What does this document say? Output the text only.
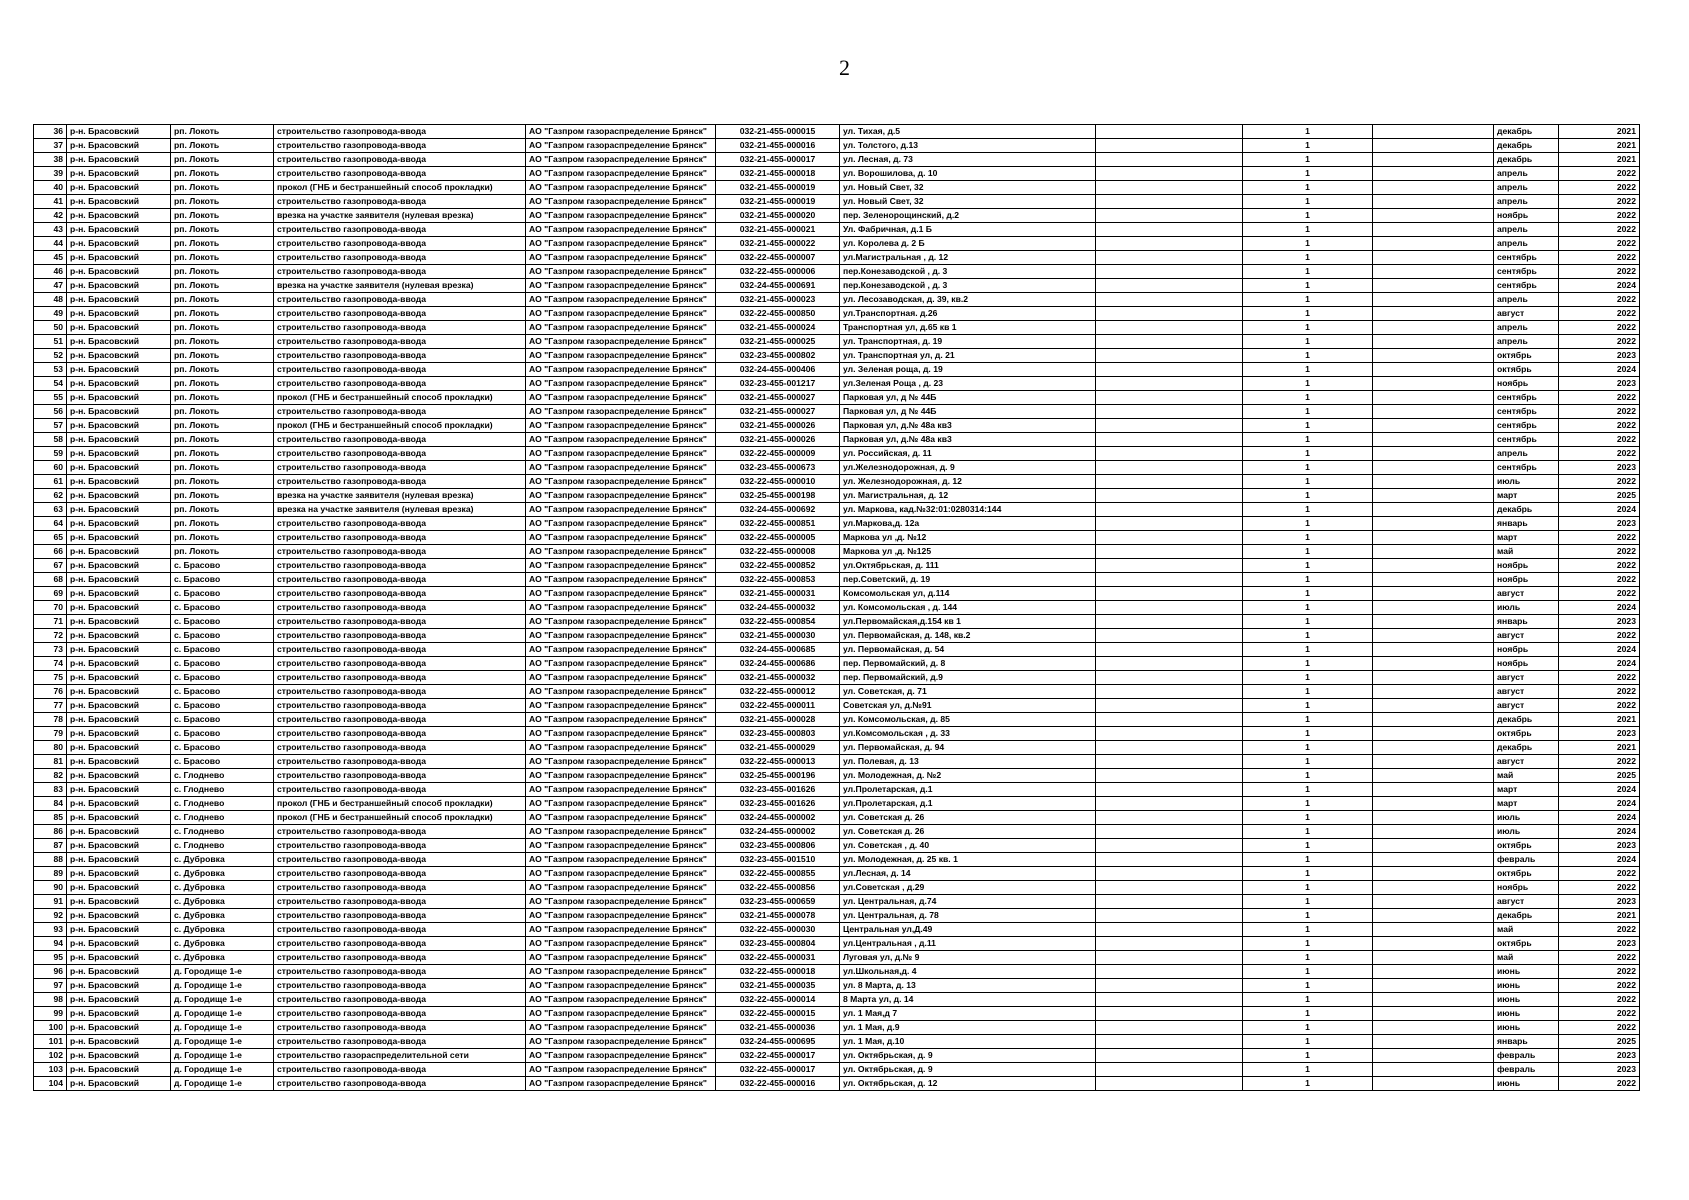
2
36	р-н. Брасовский	рп. Локоть	строительство газопровода-ввода	АО "Газпром газораспределение Брянск"	032-21-455-000015	ул. Тихая, д.5		1		декабрь	2021
37	р-н. Брасовский	рп. Локоть	строительство газопровода-ввода	АО "Газпром газораспределение Брянск"	032-21-455-000016	ул. Толстого, д.13		1		декабрь	2021
38	р-н. Брасовский	рп. Локоть	строительство газопровода-ввода	АО "Газпром газораспределение Брянск"	032-21-455-000017	ул. Лесная, д. 73		1		декабрь	2021
39	р-н. Брасовский	рп. Локоть	строительство газопровода-ввода	АО "Газпром газораспределение Брянск"	032-21-455-000018	ул. Ворошилова, д. 10		1		апрель	2022
40	р-н. Брасовский	рп. Локоть	прокол (ГНБ и бестраншейный способ прокладки)	АО "Газпром газораспределение Брянск"	032-21-455-000019	ул. Новый Свет, 32		1		апрель	2022
41	р-н. Брасовский	рп. Локоть	строительство газопровода-ввода	АО "Газпром газораспределение Брянск"	032-21-455-000019	ул. Новый Свет, 32		1		апрель	2022
42	р-н. Брасовский	рп. Локоть	врезка на участке заявителя (нулевая врезка)	АО "Газпром газораспределение Брянск"	032-21-455-000020	пер. Зеленорощинский, д.2		1		ноябрь	2022
43	р-н. Брасовский	рп. Локоть	строительство газопровода-ввода	АО "Газпром газораспределение Брянск"	032-21-455-000021	Ул. Фабричная, д.1 Б		1		апрель	2022
44	р-н. Брасовский	рп. Локоть	строительство газопровода-ввода	АО "Газпром газораспределение Брянск"	032-21-455-000022	ул. Королева д. 2 Б		1		апрель	2022
45	р-н. Брасовский	рп. Локоть	строительство газопровода-ввода	АО "Газпром газораспределение Брянск"	032-22-455-000007	ул.Магистральная , д. 12		1		сентябрь	2022
46	р-н. Брасовский	рп. Локоть	строительство газопровода-ввода	АО "Газпром газораспределение Брянск"	032-22-455-000006	пер.Конезаводской , д. 3		1		сентябрь	2022
47	р-н. Брасовский	рп. Локоть	врезка на участке заявителя (нулевая врезка)	АО "Газпром газораспределение Брянск"	032-24-455-000691	пер.Конезаводской , д. 3		1		сентябрь	2024
48	р-н. Брасовский	рп. Локоть	строительство газопровода-ввода	АО "Газпром газораспределение Брянск"	032-21-455-000023	ул. Лесозаводская, д. 39, кв.2		1		апрель	2022
49	р-н. Брасовский	рп. Локоть	строительство газопровода-ввода	АО "Газпром газораспределение Брянск"	032-22-455-000850	ул.Транспортная. д.26		1		август	2022
50	р-н. Брасовский	рп. Локоть	строительство газопровода-ввода	АО "Газпром газораспределение Брянск"	032-21-455-000024	Транспортная ул, д.65 кв 1		1		апрель	2022
51	р-н. Брасовский	рп. Локоть	строительство газопровода-ввода	АО "Газпром газораспределение Брянск"	032-21-455-000025	ул. Транспортная, д. 19		1		апрель	2022
52	р-н. Брасовский	рп. Локоть	строительство газопровода-ввода	АО "Газпром газораспределение Брянск"	032-23-455-000802	ул. Транспортная ул, д. 21		1		октябрь	2023
53	р-н. Брасовский	рп. Локоть	строительство газопровода-ввода	АО "Газпром газораспределение Брянск"	032-24-455-000406	ул. Зеленая роща, д. 19		1		октябрь	2024
54	р-н. Брасовский	рп. Локоть	строительство газопровода-ввода	АО "Газпром газораспределение Брянск"	032-23-455-001217	ул.Зеленая Роща , д. 23		1		ноябрь	2023
55	р-н. Брасовский	рп. Локоть	прокол (ГНБ и бестраншейный способ прокладки)	АО "Газпром газораспределение Брянск"	032-21-455-000027	Парковая ул, д № 44Б		1		сентябрь	2022
56	р-н. Брасовский	рп. Локоть	строительство газопровода-ввода	АО "Газпром газораспределение Брянск"	032-21-455-000027	Парковая ул, д № 44Б		1		сентябрь	2022
57	р-н. Брасовский	рп. Локоть	прокол (ГНБ и бестраншейный способ прокладки)	АО "Газпром газораспределение Брянск"	032-21-455-000026	Парковая ул, д.№ 48а кв3		1		сентябрь	2022
58	р-н. Брасовский	рп. Локоть	строительство газопровода-ввода	АО "Газпром газораспределение Брянск"	032-21-455-000026	Парковая ул, д.№ 48а кв3		1		сентябрь	2022
59	р-н. Брасовский	рп. Локоть	строительство газопровода-ввода	АО "Газпром газораспределение Брянск"	032-22-455-000009	ул. Российская, д. 11		1		апрель	2022
60	р-н. Брасовский	рп. Локоть	строительство газопровода-ввода	АО "Газпром газораспределение Брянск"	032-23-455-000673	ул.Железнодорожная, д. 9		1		сентябрь	2023
61	р-н. Брасовский	рп. Локоть	строительство газопровода-ввода	АО "Газпром газораспределение Брянск"	032-22-455-000010	ул. Железнодорожная, д. 12		1		июль	2022
62	р-н. Брасовский	рп. Локоть	врезка на участке заявителя (нулевая врезка)	АО "Газпром газораспределение Брянск"	032-25-455-000198	ул. Магистральная, д. 12		1		март	2025
63	р-н. Брасовский	рп. Локоть	врезка на участке заявителя (нулевая врезка)	АО "Газпром газораспределение Брянск"	032-24-455-000692	ул. Маркова, кад.№32:01:0280314:144		1		декабрь	2024
64	р-н. Брасовский	рп. Локоть	строительство газопровода-ввода	АО "Газпром газораспределение Брянск"	032-22-455-000851	ул.Маркова,д. 12а		1		январь	2023
65	р-н. Брасовский	рп. Локоть	строительство газопровода-ввода	АО "Газпром газораспределение Брянск"	032-22-455-000005	Маркова ул ,д. №12		1		март	2022
66	р-н. Брасовский	рп. Локоть	строительство газопровода-ввода	АО "Газпром газораспределение Брянск"	032-22-455-000008	Маркова ул ,д. №125		1		май	2022
67	р-н. Брасовский	с. Брасово	строительство газопровода-ввода	АО "Газпром газораспределение Брянск"	032-22-455-000852	ул.Октябрьская, д. 111		1		ноябрь	2022
68	р-н. Брасовский	с. Брасово	строительство газопровода-ввода	АО "Газпром газораспределение Брянск"	032-22-455-000853	пер.Советский, д. 19		1		ноябрь	2022
69	р-н. Брасовский	с. Брасово	строительство газопровода-ввода	АО "Газпром газораспределение Брянск"	032-21-455-000031	Комсомольская ул, д.114		1		август	2022
70	р-н. Брасовский	с. Брасово	строительство газопровода-ввода	АО "Газпром газораспределение Брянск"	032-24-455-000032	ул. Комсомольская , д. 144		1		июль	2024
71	р-н. Брасовский	с. Брасово	строительство газопровода-ввода	АО "Газпром газораспределение Брянск"	032-22-455-000854	ул.Первомайская,д.154 кв 1		1		январь	2023
72	р-н. Брасовский	с. Брасово	строительство газопровода-ввода	АО "Газпром газораспределение Брянск"	032-21-455-000030	ул. Первомайская, д. 148, кв.2		1		август	2022
73	р-н. Брасовский	с. Брасово	строительство газопровода-ввода	АО "Газпром газораспределение Брянск"	032-24-455-000685	ул. Первомайская, д. 54		1		ноябрь	2024
74	р-н. Брасовский	с. Брасово	строительство газопровода-ввода	АО "Газпром газораспределение Брянск"	032-24-455-000686	пер. Первомайский, д. 8		1		ноябрь	2024
75	р-н. Брасовский	с. Брасово	строительство газопровода-ввода	АО "Газпром газораспределение Брянск"	032-21-455-000032	пер. Первомайский, д.9		1		август	2022
76	р-н. Брасовский	с. Брасово	строительство газопровода-ввода	АО "Газпром газораспределение Брянск"	032-22-455-000012	ул. Советская, д. 71		1		август	2022
77	р-н. Брасовский	с. Брасово	строительство газопровода-ввода	АО "Газпром газораспределение Брянск"	032-22-455-000011	Советская ул, д.№91		1		август	2022
78	р-н. Брасовский	с. Брасово	строительство газопровода-ввода	АО "Газпром газораспределение Брянск"	032-21-455-000028	ул. Комсомольская, д. 85		1		декабрь	2021
79	р-н. Брасовский	с. Брасово	строительство газопровода-ввода	АО "Газпром газораспределение Брянск"	032-23-455-000803	ул.Комсомольская , д. 33		1		октябрь	2023
80	р-н. Брасовский	с. Брасово	строительство газопровода-ввода	АО "Газпром газораспределение Брянск"	032-21-455-000029	ул. Первомайская, д. 94		1		декабрь	2021
81	р-н. Брасовский	с. Брасово	строительство газопровода-ввода	АО "Газпром газораспределение Брянск"	032-22-455-000013	ул. Полевая, д. 13		1		август	2022
82	р-н. Брасовский	с. Глоднево	строительство газопровода-ввода	АО "Газпром газораспределение Брянск"	032-25-455-000196	ул. Молодежная, д. №2		1		май	2025
83	р-н. Брасовский	с. Глоднево	строительство газопровода-ввода	АО "Газпром газораспределение Брянск"	032-23-455-001626	ул.Пролетарская, д.1		1		март	2024
84	р-н. Брасовский	с. Глоднево	прокол (ГНБ и бестраншейный способ прокладки)	АО "Газпром газораспределение Брянск"	032-23-455-001626	ул.Пролетарская, д.1		1		март	2024
85	р-н. Брасовский	с. Глоднево	прокол (ГНБ и бестраншейный способ прокладки)	АО "Газпром газораспределение Брянск"	032-24-455-000002	ул. Советская д. 26		1		июль	2024
86	р-н. Брасовский	с. Глоднево	строительство газопровода-ввода	АО "Газпром газораспределение Брянск"	032-24-455-000002	ул. Советская д. 26		1		июль	2024
87	р-н. Брасовский	с. Глоднево	строительство газопровода-ввода	АО "Газпром газораспределение Брянск"	032-23-455-000806	ул. Советская , д. 40		1		октябрь	2023
88	р-н. Брасовский	с. Дубровка	строительство газопровода-ввода	АО "Газпром газораспределение Брянск"	032-23-455-001510	ул. Молодежная, д. 25 кв. 1		1		февраль	2024
89	р-н. Брасовский	с. Дубровка	строительство газопровода-ввода	АО "Газпром газораспределение Брянск"	032-22-455-000855	ул.Лесная, д. 14		1		октябрь	2022
90	р-н. Брасовский	с. Дубровка	строительство газопровода-ввода	АО "Газпром газораспределение Брянск"	032-22-455-000856	ул.Советская , д.29		1		ноябрь	2022
91	р-н. Брасовский	с. Дубровка	строительство газопровода-ввода	АО "Газпром газораспределение Брянск"	032-23-455-000659	ул. Центральная, д.74		1		август	2023
92	р-н. Брасовский	с. Дубровка	строительство газопровода-ввода	АО "Газпром газораспределение Брянск"	032-21-455-000078	ул. Центральная, д. 78		1		декабрь	2021
93	р-н. Брасовский	с. Дубровка	строительство газопровода-ввода	АО "Газпром газораспределение Брянск"	032-22-455-000030	Центральная ул,Д.49		1		май	2022
94	р-н. Брасовский	с. Дубровка	строительство газопровода-ввода	АО "Газпром газораспределение Брянск"	032-23-455-000804	ул.Центральная , д.11		1		октябрь	2023
95	р-н. Брасовский	с. Дубровка	строительство газопровода-ввода	АО "Газпром газораспределение Брянск"	032-22-455-000031	Луговая ул, д.№ 9		1		май	2022
96	р-н. Брасовский	д. Городище 1-е	строительство газопровода-ввода	АО "Газпром газораспределение Брянск"	032-22-455-000018	ул.Школьная,д. 4		1		июнь	2022
97	р-н. Брасовский	д. Городище 1-е	строительство газопровода-ввода	АО "Газпром газораспределение Брянск"	032-21-455-000035	ул. 8 Марта, д. 13		1		июнь	2022
98	р-н. Брасовский	д. Городище 1-е	строительство газопровода-ввода	АО "Газпром газораспределение Брянск"	032-22-455-000014	8 Марта ул, д. 14		1		июнь	2022
99	р-н. Брасовский	д. Городище 1-е	строительство газопровода-ввода	АО "Газпром газораспределение Брянск"	032-22-455-000015	ул. 1 Мая,д 7		1		июнь	2022
100	р-н. Брасовский	д. Городище 1-е	строительство газопровода-ввода	АО "Газпром газораспределение Брянск"	032-21-455-000036	ул. 1 Мая, д.9		1		июнь	2022
101	р-н. Брасовский	д. Городище 1-е	строительство газопровода-ввода	АО "Газпром газораспределение Брянск"	032-24-455-000695	ул. 1 Мая, д.10		1		январь	2025
102	р-н. Брасовский	д. Городище 1-е	строительство газораспределительной сети	АО "Газпром газораспределение Брянск"	032-22-455-000017	ул. Октябрьская, д. 9		1		февраль	2023
103	р-н. Брасовский	д. Городище 1-е	строительство газопровода-ввода	АО "Газпром газораспределение Брянск"	032-22-455-000017	ул. Октябрьская, д. 9		1		февраль	2023
104	р-н. Брасовский	д. Городище 1-е	строительство газопровода-ввода	АО "Газпром газораспределение Брянск"	032-22-455-000016	ул. Октябрьская, д. 12		1		июнь	2022
